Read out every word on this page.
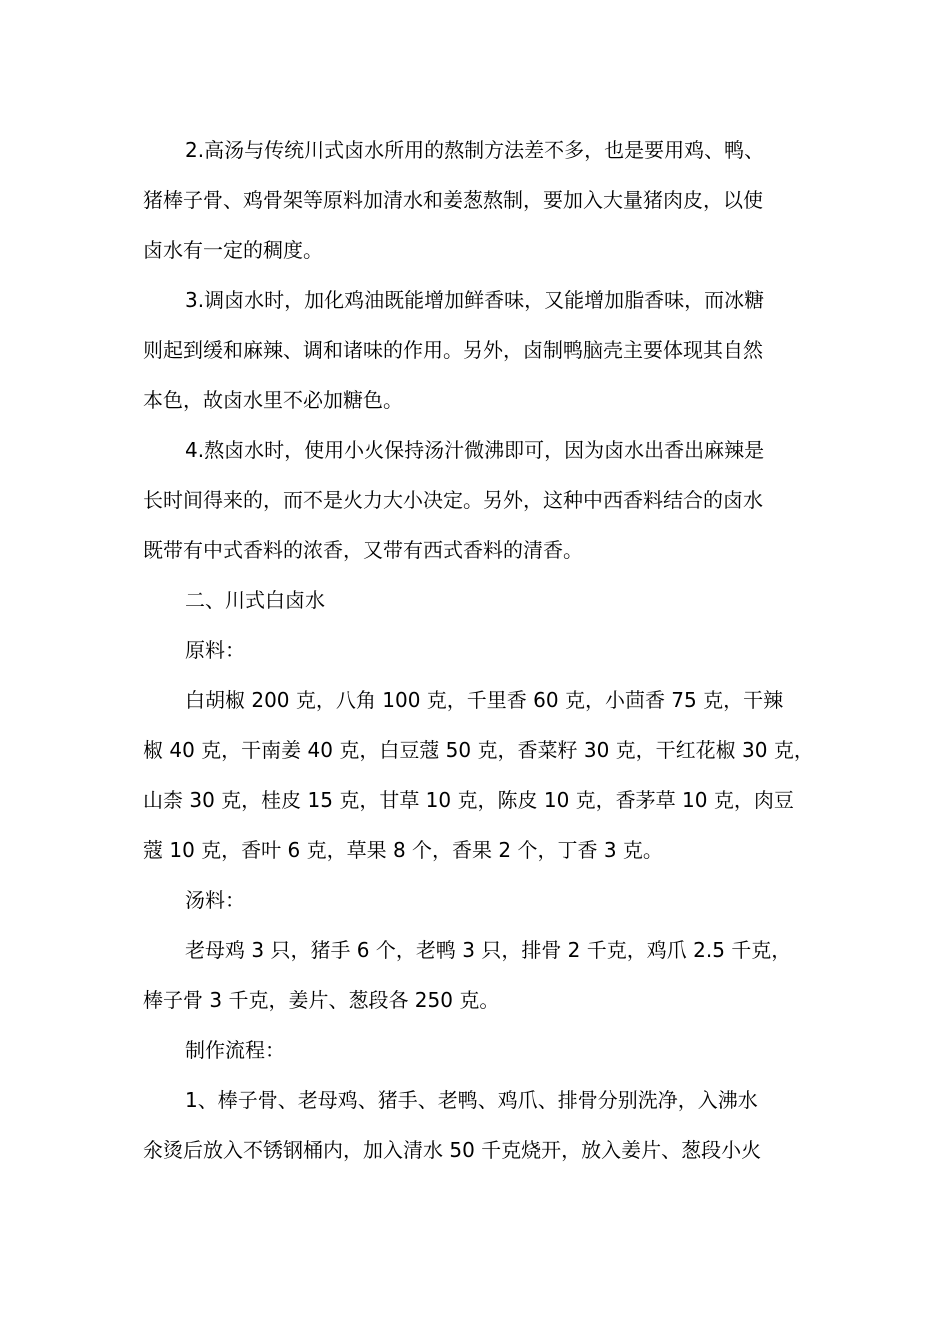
2.高汤与传统川式卤水所用的熬制方法差不多，也是要用鸡、鸭、
猪棒子骨、鸡骨架等原料加清水和姜葱熬制，要加入大量猪肉皮，以使
卤水有一定的稠度。

3.调卤水时，加化鸡油既能增加鲜香味，又能增加脂香味，而冰糖
则起到缓和麻辣、调和诸味的作用。另外，卤制鸭脑壳主要体现其自然
本色，故卤水里不必加糖色。

4.熬卤水时，使用小火保持汤汁微沸即可，因为卤水出香出麻辣是
长时间得来的，而不是火力大小决定。另外，这种中西香料结合的卤水
既带有中式香料的浓香，又带有西式香料的清香。

二、川式白卤水

原料：

白胡椒 200 克，八角 100 克，千里香 60 克，小茴香 75 克，干辣
椒 40 克，干南姜 40 克，白豆蔻 50 克，香菜籽 30 克，干红花椒 30 克，
山柰 30 克，桂皮 15 克，甘草 10 克，陈皮 10 克，香茅草 10 克，肉豆
蔻 10 克，香叶 6 克，草果 8 个，香果 2 个，丁香 3 克。

汤料：

老母鸡 3 只，猪手 6 个，老鸭 3 只，排骨 2 千克，鸡爪 2.5 千克，
棒子骨 3 千克，姜片、葱段各 250 克。

制作流程：

1、棒子骨、老母鸡、猪手、老鸭、鸡爪、排骨分别洗净，入沸水
氽烫后放入不锈钢桶内，加入清水 50 千克烧开，放入姜片、葱段小火
